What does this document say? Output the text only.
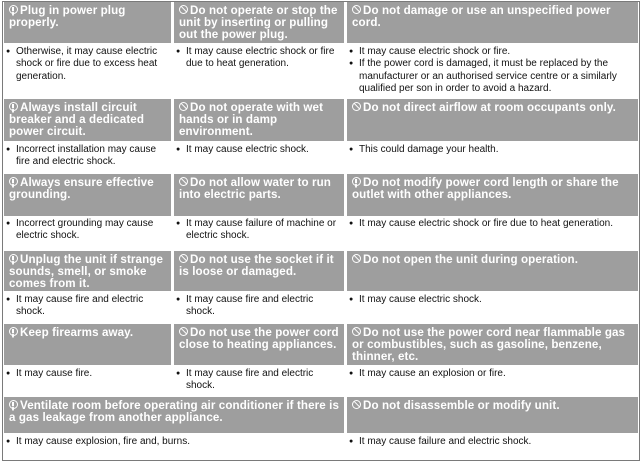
Plug in power plug properly.
● Otherwise, it may cause electric shock or fire due to excess heat generation.
Do not operate or stop the unit by inserting or pulling out the power plug.
● It may cause electric shock or fire due to heat generation.
Do not damage or use an unspecified power cord.
● It may cause electric shock or fire.
● If the power cord is damaged, it must be replaced by the manufacturer or an authorised service centre or a similarly qualified per son in order to avoid a hazard.
Always install circuit breaker and a dedicated power circuit.
● Incorrect installation may cause fire and electric shock.
Do not operate with wet hands or in damp environment.
● It may cause electric shock.
Do not direct airflow at room occupants only.
● This could damage your health.
Always ensure effective grounding.
● Incorrect grounding may cause electric shock.
Do not allow water to run into electric parts.
● It may cause failure of machine or electric shock.
Do not modify power cord length or share the outlet with other appliances.
● It may cause electric shock or fire due to heat generation.
Unplug the unit if strange sounds, smell, or smoke comes from it.
● It may cause fire and electric shock.
Do not use the socket if it is loose or damaged.
● It may cause fire and electric shock.
Do not open the unit during operation.
● It may cause electric shock.
Keep firearms away.
● It may cause fire.
Do not use the power cord close to heating appliances.
● It may cause fire and electric shock.
Do not use the power cord near flammable gas or combustibles, such as gasoline, benzene, thinner, etc.
● It may cause an explosion or fire.
Ventilate room before operating air conditioner if there is a gas leakage from another appliance.
● It may cause explosion, fire and, burns.
Do not disassemble or modify unit.
● It may cause failure and electric shock.
